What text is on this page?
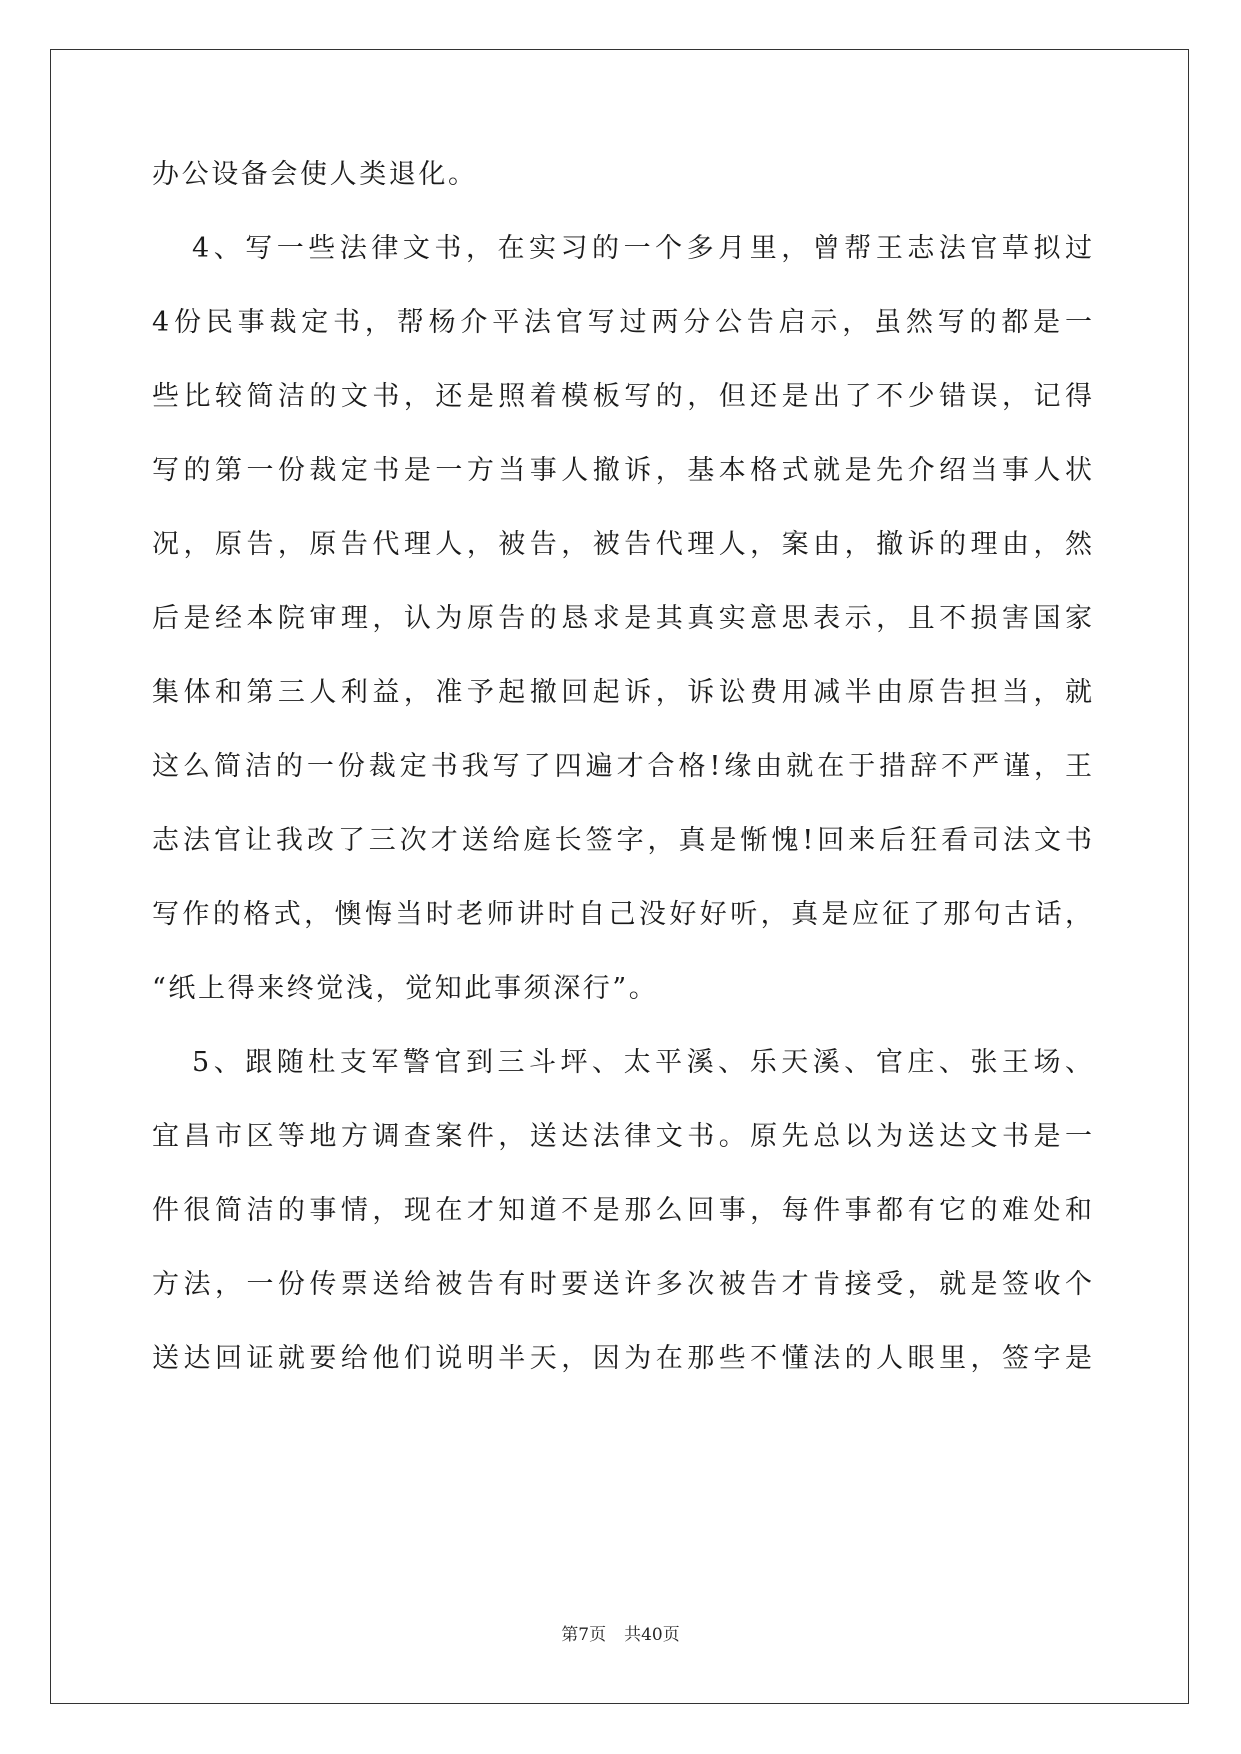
办公设备会使人类退化。
4、写一些法律文书，在实习的一个多月里，曾帮王志法官草拟过
4份民事裁定书，帮杨介平法官写过两分公告启示，虽然写的都是一
些比较简洁的文书，还是照着模板写的，但还是出了不少错误，记得
写的第一份裁定书是一方当事人撤诉，基本格式就是先介绍当事人状
况，原告，原告代理人，被告，被告代理人，案由，撤诉的理由，然
后是经本院审理，认为原告的恳求是其真实意思表示，且不损害国家
集体和第三人利益，准予起撤回起诉，诉讼费用减半由原告担当，就
这么简洁的一份裁定书我写了四遍才合格!缘由就在于措辞不严谨，王
志法官让我改了三次才送给庭长签字，真是惭愧!回来后狂看司法文书
写作的格式，懊悔当时老师讲时自己没好好听，真是应征了那句古话，
“纸上得来终觉浅，觉知此事须深行”。
5、跟随杜支军警官到三斗坪、太平溪、乐天溪、官庄、张王场、
宜昌市区等地方调查案件，送达法律文书。原先总以为送达文书是一
件很简洁的事情，现在才知道不是那么回事，每件事都有它的难处和
方法，一份传票送给被告有时要送许多次被告才肯接受，就是签收个
送达回证就要给他们说明半天，因为在那些不懂法的人眼里，签字是
第7页 共40页
